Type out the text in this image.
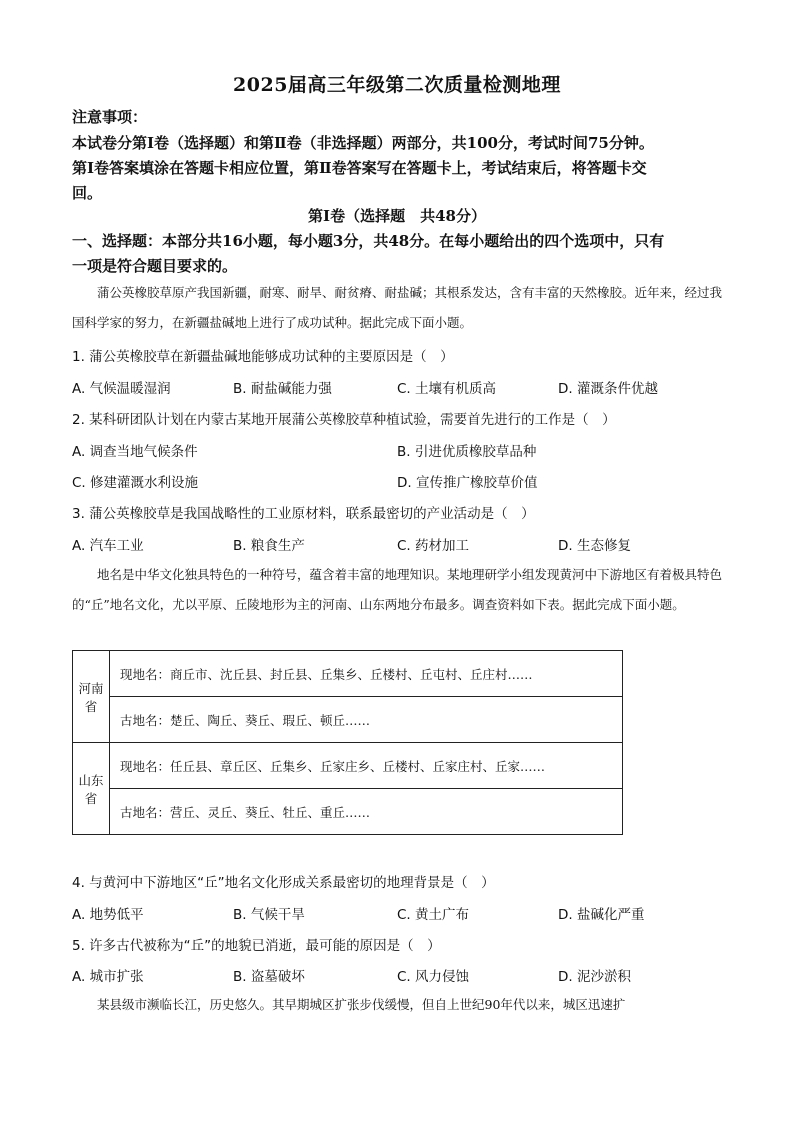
2025届高三年级第二次质量检测地理
注意事项：
本试卷分第Ⅰ卷（选择题）和第Ⅱ卷（非选择题）两部分，共100分，考试时间75分钟。
第Ⅰ卷答案填涂在答题卡相应位置，第Ⅱ卷答案写在答题卡上，考试结束后，将答题卡交
回。
第Ⅰ卷（选择题　共48分）
一、选择题：本部分共16小题，每小题3分，共48分。在每小题给出的四个选项中，只有
一项是符合题目要求的。
蒲公英橡胶草原产我国新疆，耐寒、耐旱、耐贫瘠、耐盐碱；其根系发达，含有丰富的天然橡胶。近年来，经过我国科学家的努力，在新疆盐碱地上进行了成功试种。据此完成下面小题。
1. 蒲公英橡胶草在新疆盐碱地能够成功试种的主要原因是（　）
A. 气候温暖湿润	B. 耐盐碱能力强	C. 土壤有机质高	D. 灌溉条件优越
2. 某科研团队计划在内蒙古某地开展蒲公英橡胶草种植试验，需要首先进行的工作是（　）
A. 调查当地气候条件	B. 引进优质橡胶草品种
C. 修建灌溉水利设施	D. 宣传推广橡胶草价值
3. 蒲公英橡胶草是我国战略性的工业原材料，联系最密切的产业活动是（　）
A. 汽车工业	B. 粮食生产	C. 药材加工	D. 生态修复
地名是中华文化独具特色的一种符号，蕴含着丰富的地理知识。某地理研学小组发现黄河中下游地区有着极具特色的“丘”地名文化，尤以平原、丘陵地形为主的河南、山东两地分布最多。调查资料如下表。据此完成下面小题。
河南省	现地名：商丘市、沈丘县、封丘县、丘集乡、丘楼村、丘屯村、丘庄村……
	古地名：楚丘、陶丘、葵丘、瑕丘、顿丘……
山东省	现地名：任丘县、章丘区、丘集乡、丘家庄乡、丘楼村、丘家庄村、丘家……
	古地名：营丘、灵丘、葵丘、牡丘、重丘……
4. 与黄河中下游地区“丘”地名文化形成关系最密切的地理背景是（　）
A. 地势低平	B. 气候干旱	C. 黄土广布	D. 盐碱化严重
5. 许多古代被称为“丘”的地貌已消逝，最可能的原因是（　）
A. 城市扩张	B. 盗墓破坏	C. 风力侵蚀	D. 泥沙淤积
某县级市濒临长江，历史悠久。其早期城区扩张步伐缓慢，但自上世纪90年代以来，城区迅速扩
